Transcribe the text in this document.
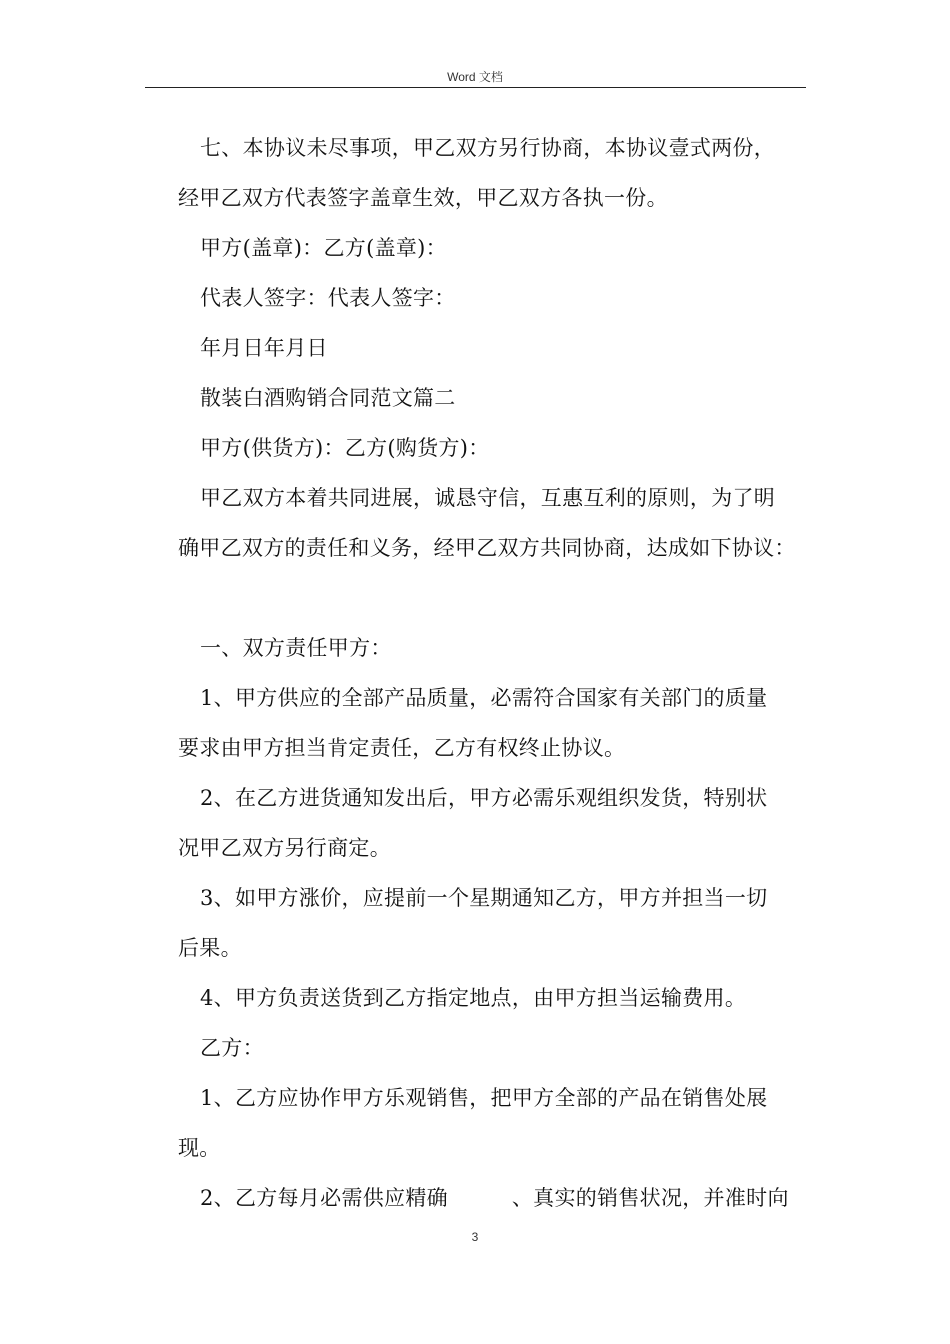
Word 文档
七、本协议未尽事项，甲乙双方另行协商，本协议壹式两份，
经甲乙双方代表签字盖章生效，甲乙双方各执一份。
甲方(盖章)：乙方(盖章)：
代表人签字：代表人签字：
年月日年月日
散装白酒购销合同范文篇二
甲方(供货方)：乙方(购货方)：
甲乙双方本着共同进展，诚恳守信，互惠互利的原则，为了明
确甲乙双方的责任和义务，经甲乙双方共同协商，达成如下协议：
一、双方责任甲方：
1、甲方供应的全部产品质量，必需符合国家有关部门的质量
要求由甲方担当肯定责任，乙方有权终止协议。
2、在乙方进货通知发出后，甲方必需乐观组织发货，特别状
况甲乙双方另行商定。
3、如甲方涨价，应提前一个星期通知乙方，甲方并担当一切
后果。
4、甲方负责送货到乙方指定地点，由甲方担当运输费用。
乙方：
1、乙方应协作甲方乐观销售，把甲方全部的产品在销售处展
现。
2、乙方每月必需供应精确　　　、真实的销售状况，并准时向
3
